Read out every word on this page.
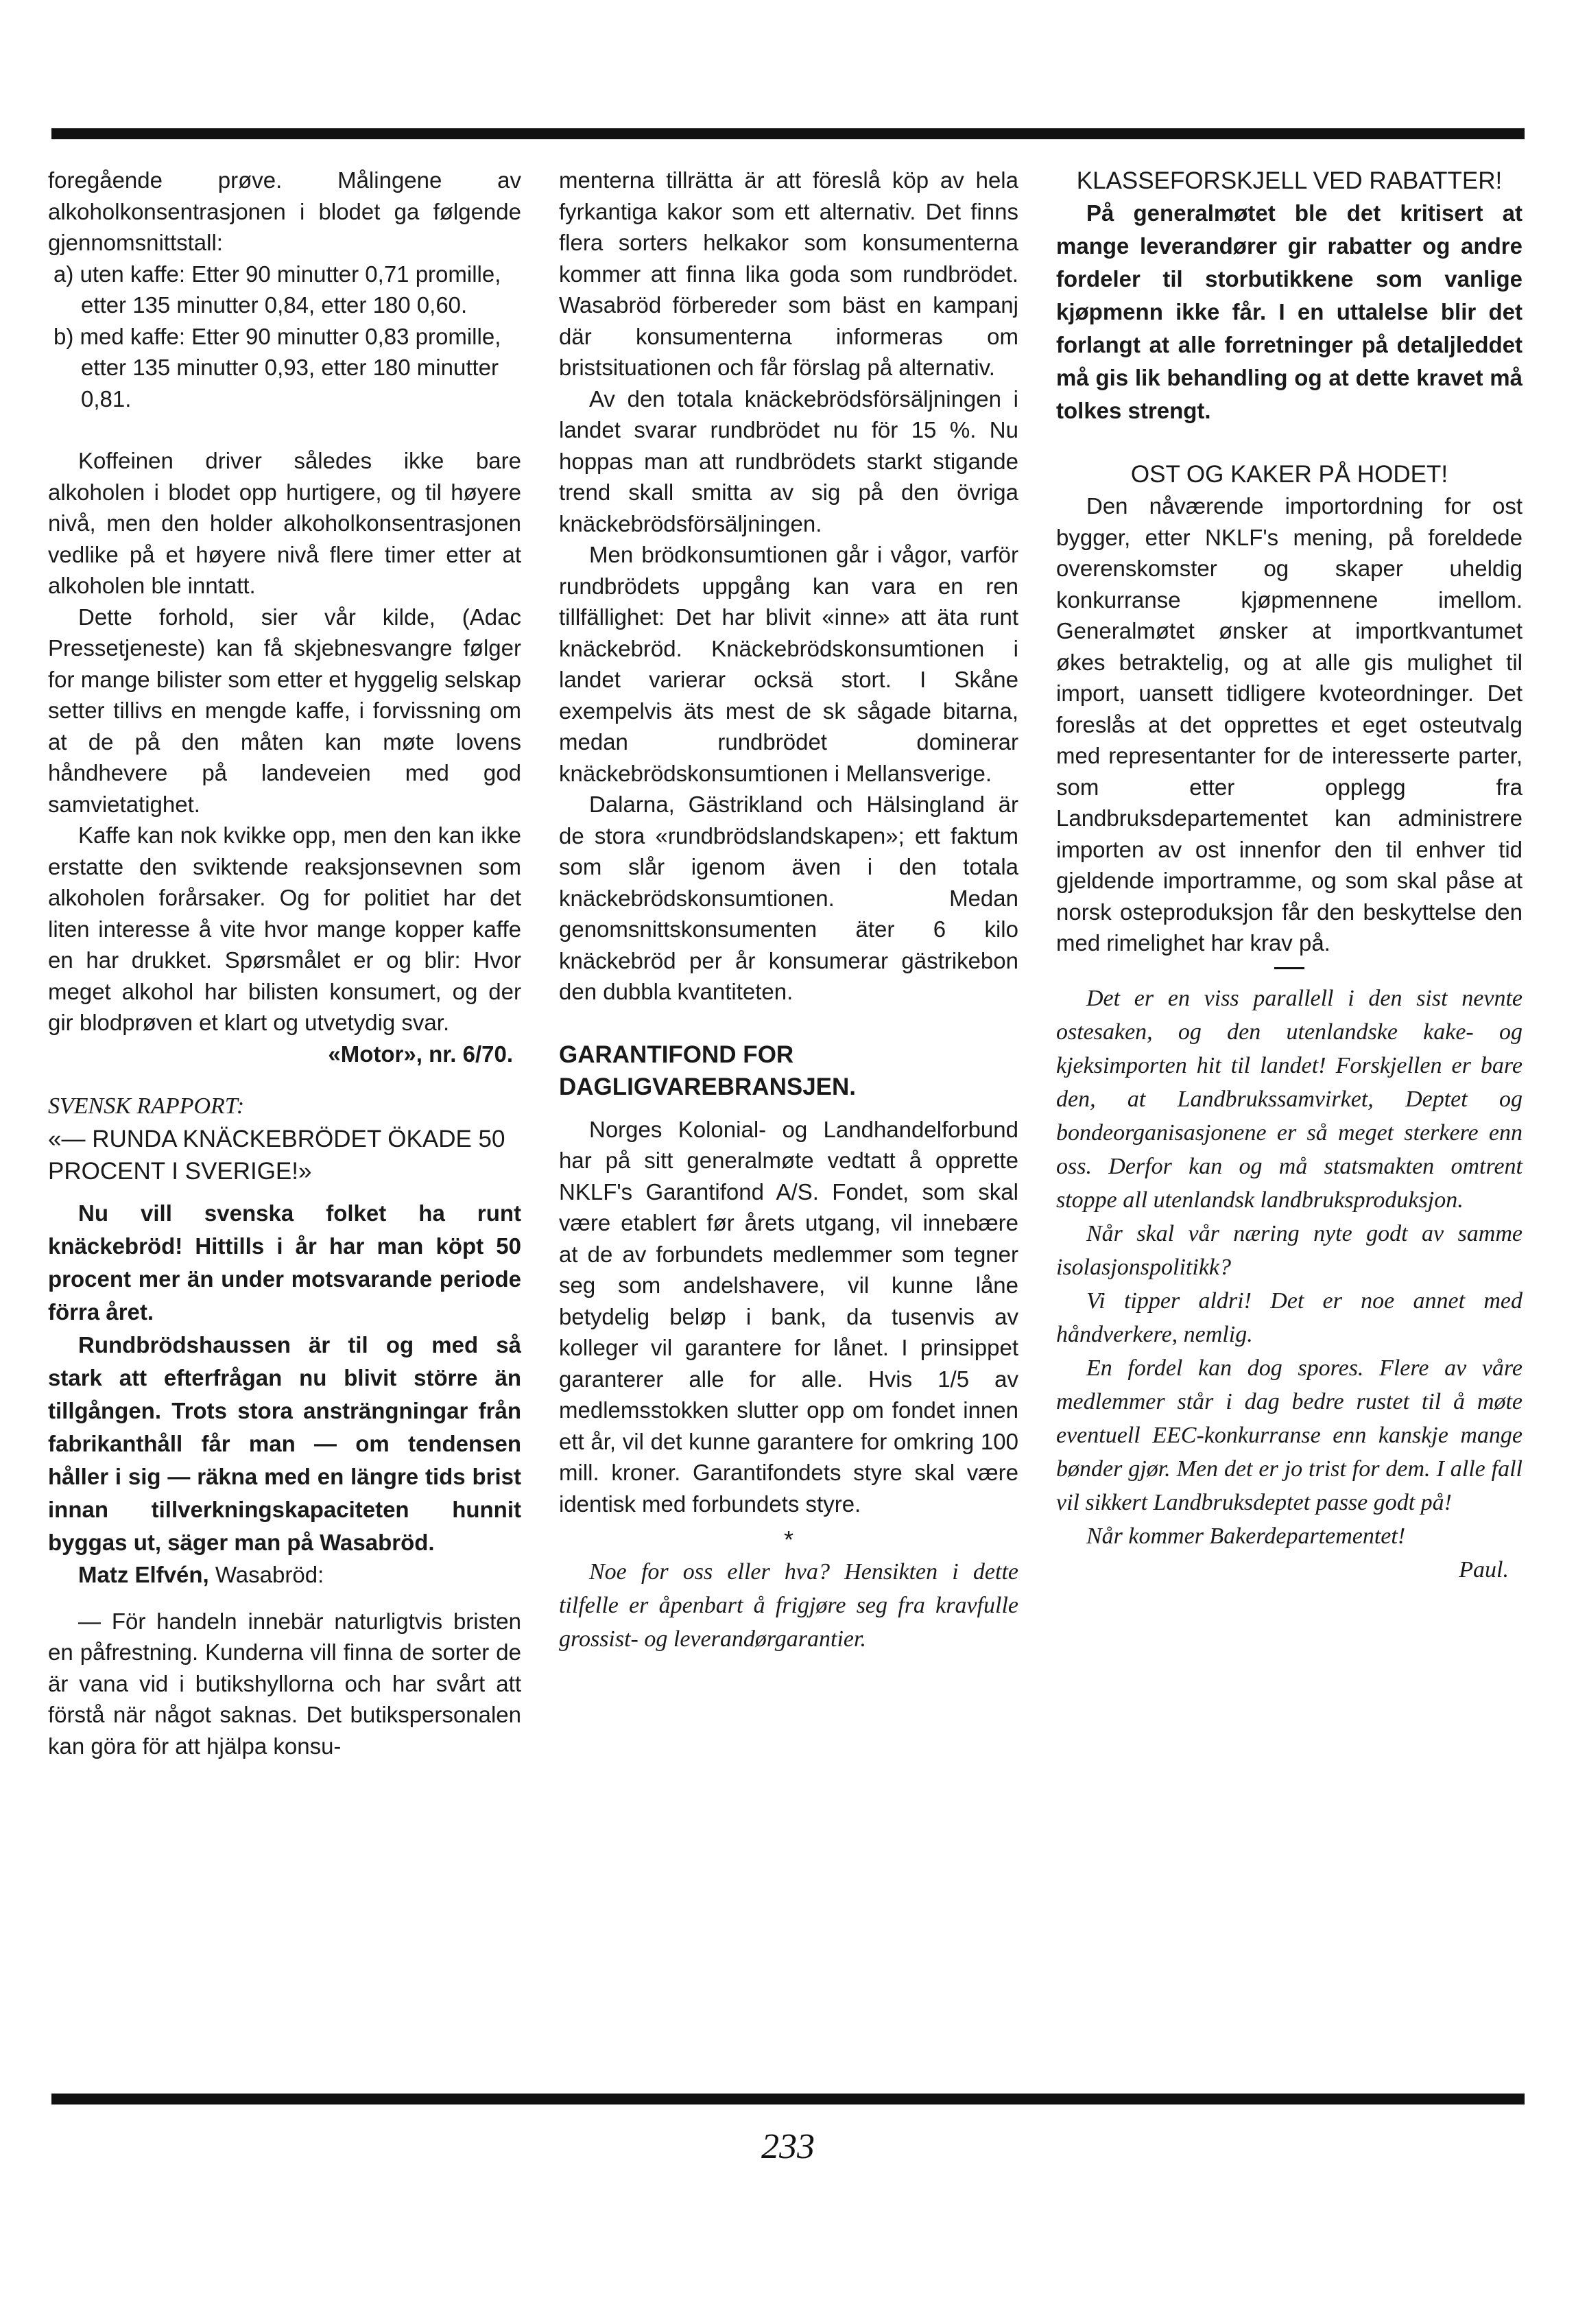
foregående prøve. Målingene av alkoholkonsentrasjonen i blodet ga følgende gjennomsnittstall:

a) uten kaffe: Etter 90 minutter 0,71 promille, etter 135 minutter 0,84, etter 180 0,60.

b) med kaffe: Etter 90 minutter 0,83 promille, etter 135 minutter 0,93, etter 180 minutter 0,81.

Koffeinen driver således ikke bare alkoholen i blodet opp hurtigere, og til høyere nivå, men den holder alkoholkonsentrasjonen vedlike på et høyere nivå flere timer etter at alkoholen ble inntatt.

Dette forhold, sier vår kilde, (Adac Pressetjeneste) kan få skjebnesvangre følger for mange bilister som etter et hyggelig selskap setter tillivs en mengde kaffe, i forvissning om at de på den måten kan møte lovens håndhevere på landeveien med god samvietatighet.

Kaffe kan nok kvikke opp, men den kan ikke erstatte den sviktende reaksjonsevnen som alkoholen forårsaker. Og for politiet har det liten interesse å vite hvor mange kopper kaffe en har drukket. Spørsmålet er og blir: Hvor meget alkohol har bilisten konsumert, og der gir blodprøven et klart og utvetydig svar.

«Motor», nr. 6/70.

SVENSK RAPPORT:

«— RUNDA KNÄCKEBRÖDET ÖKADE 50 PROCENT I SVERIGE!»

Nu vill svenska folket ha runt knäckebröd! Hittills i år har man köpt 50 procent mer än under motsvarande periode förra året.

Rundbrödshaussen är til og med så stark att efterfrågan nu blivit större än tillgången. Trots stora ansträngningar från fabrikanthåll får man — om tendensen håller i sig — räkna med en längre tids brist innan tillverkningskapaciteten hunnit byggas ut, säger man på Wasabröd.

Matz Elfvén, Wasabröd:

— För handeln innebär naturligtvis bristen en påfrestning. Kunderna vill finna de sorter de är vana vid i butikshyllorna och har svårt att förstå när något saknas. Det butikspersonalen kan göra för att hjälpa konsu-

menterna tillrätta är att föreslå köp av hela fyrkantiga kakor som ett alternativ. Det finns flera sorters helkakor som konsumenterna kommer att finna lika goda som rundbrödet. Wasabröd förbereder som bäst en kampanj där konsumenterna informeras om bristsituationen och får förslag på alternativ.

Av den totala knäckebrödsförsäljningen i landet svarar rundbrödet nu för 15 %. Nu hoppas man att rundbrödets starkt stigande trend skall smitta av sig på den övriga knäckebrödsförsäljningen.

Men brödkonsumtionen går i vågor, varför rundbrödets uppgång kan vara en ren tillfällighet: Det har blivit «inne» att äta runt knäckebröd. Knäckebrödskonsumtionen i landet varierar ocksä stort. I Skåne exempelvis äts mest de sk sågade bitarna, medan rundbrödet dominerar knäckebrödskonsumtionen i Mellansverige.

Dalarna, Gästrikland och Hälsingland är de stora «rundbrödslandskapen»; ett faktum som slår igenom även i den totala knäckebrödskonsumtionen. Medan genomsnittskonsumenten äter 6 kilo knäckebröd per år konsumerar gästrikebon den dubbla kvantiteten.

GARANTIFOND FOR DAGLIGVAREBRANSJEN.

Norges Kolonial- og Landhandelforbund har på sitt generalmøte vedtatt å opprette NKLF's Garantifond A/S. Fondet, som skal være etablert før årets utgang, vil innebære at de av forbundets medlemmer som tegner seg som andelshavere, vil kunne låne betydelig beløp i bank, da tusenvis av kolleger vil garantere for lånet. I prinsippet garanterer alle for alle. Hvis 1/5 av medlemsstokken slutter opp om fondet innen ett år, vil det kunne garantere for omkring 100 mill. kroner. Garantifondets styre skal være identisk med forbundets styre.

*

Noe for oss eller hva? Hensikten i dette tilfelle er åpenbart å frigjøre seg fra kravfulle grossist- og leverandørgarantier.

KLASSEFORSKJELL VED RABATTER!

På generalmøtet ble det kritisert at mange leverandører gir rabatter og andre fordeler til storbutikkene som vanlige kjøpmenn ikke får. I en uttalelse blir det forlangt at alle forretninger på detaljleddet må gis lik behandling og at dette kravet må tolkes strengt.

OST OG KAKER PÅ HODET!

Den nåværende importordning for ost bygger, etter NKLF's mening, på foreldede overenskomster og skaper uheldig konkurranse kjøpmennene imellom. Generalmøtet ønsker at importkvantumet økes betraktelig, og at alle gis mulighet til import, uansett tidligere kvoteordninger. Det foreslås at det opprettes et eget osteutvalg med representanter for de interesserte parter, som etter opplegg fra Landbruksdepartementet kan administrere importen av ost innenfor den til enhver tid gjeldende importramme, og som skal påse at norsk osteproduksjon får den beskyttelse den med rimelighet har krav på.

Det er en viss parallell i den sist nevnte ostesaken, og den utenlandske kake- og kjeksimporten hit til landet! Forskjellen er bare den, at Landbrukssamvirket, Deptet og bondeorganisasjonene er så meget sterkere enn oss. Derfor kan og må statsmakten omtrent stoppe all utenlandsk landbruksproduksjon.

Når skal vår næring nyte godt av samme isolasjonspolitikk?

Vi tipper aldri! Det er noe annet med håndverkere, nemlig.

En fordel kan dog spores. Flere av våre medlemmer står i dag bedre rustet til å møte eventuell EEC-konkurranse enn kanskje mange bønder gjør. Men det er jo trist for dem. I alle fall vil sikkert Landbruksdeptet passe godt på!

Når kommer Bakerdepartementet!

Paul.

233
